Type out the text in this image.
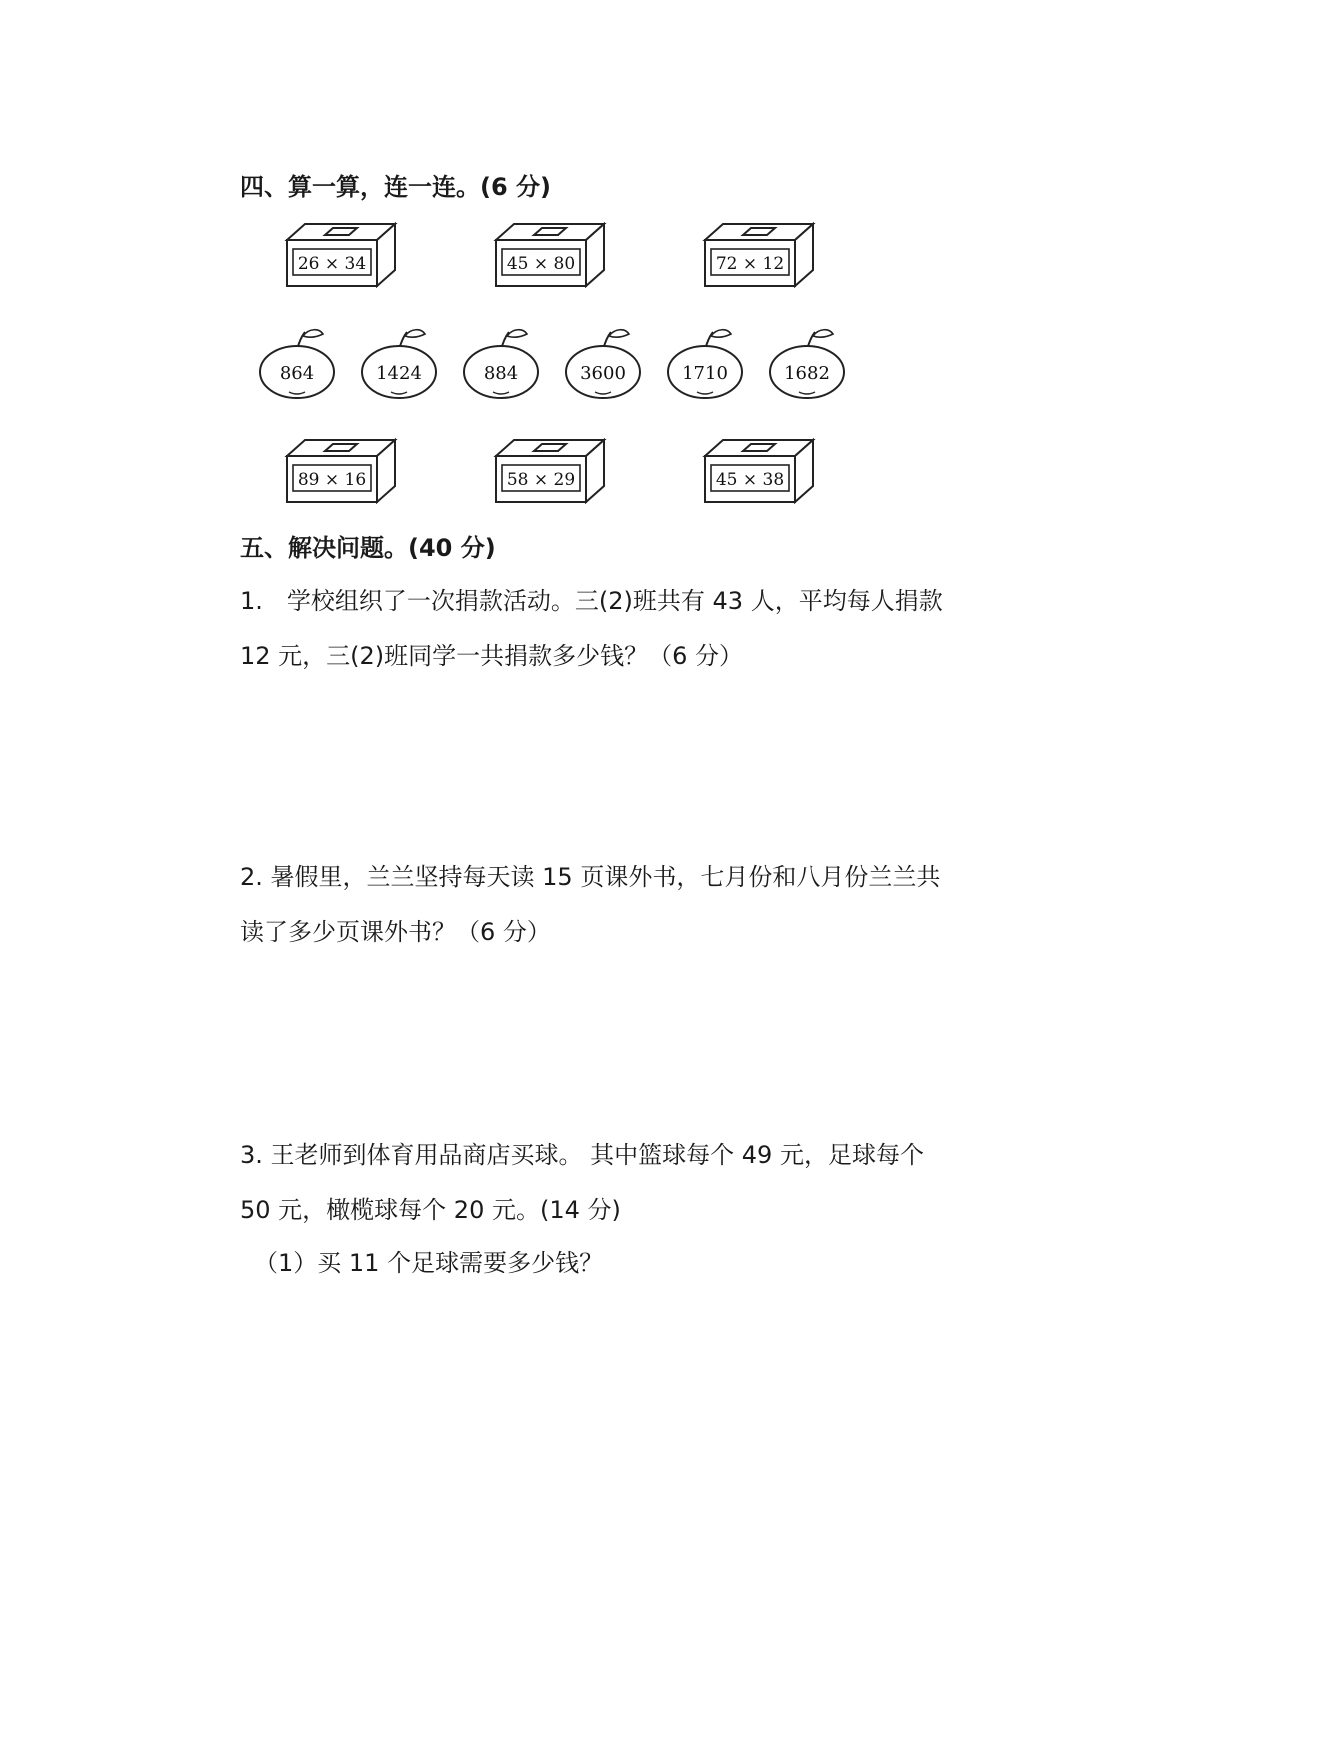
四、算一算，连一连。(6 分)
26 × 34	45 × 80	72 × 12
864	1424	884	3600	1710	1682
89 × 16	58 × 29	45 × 38
五、解决问题。(40 分)
1.　学校组织了一次捐款活动。三(2)班共有 43 人，平均每人捐款
12 元，三(2)班同学一共捐款多少钱？（6 分）
2. 暑假里，兰兰坚持每天读 15 页课外书，七月份和八月份兰兰共
读了多少页课外书？（6 分）
3. 王老师到体育用品商店买球。 其中篮球每个 49 元，足球每个
50 元，橄榄球每个 20 元。(14 分)
（1）买 11 个足球需要多少钱？
